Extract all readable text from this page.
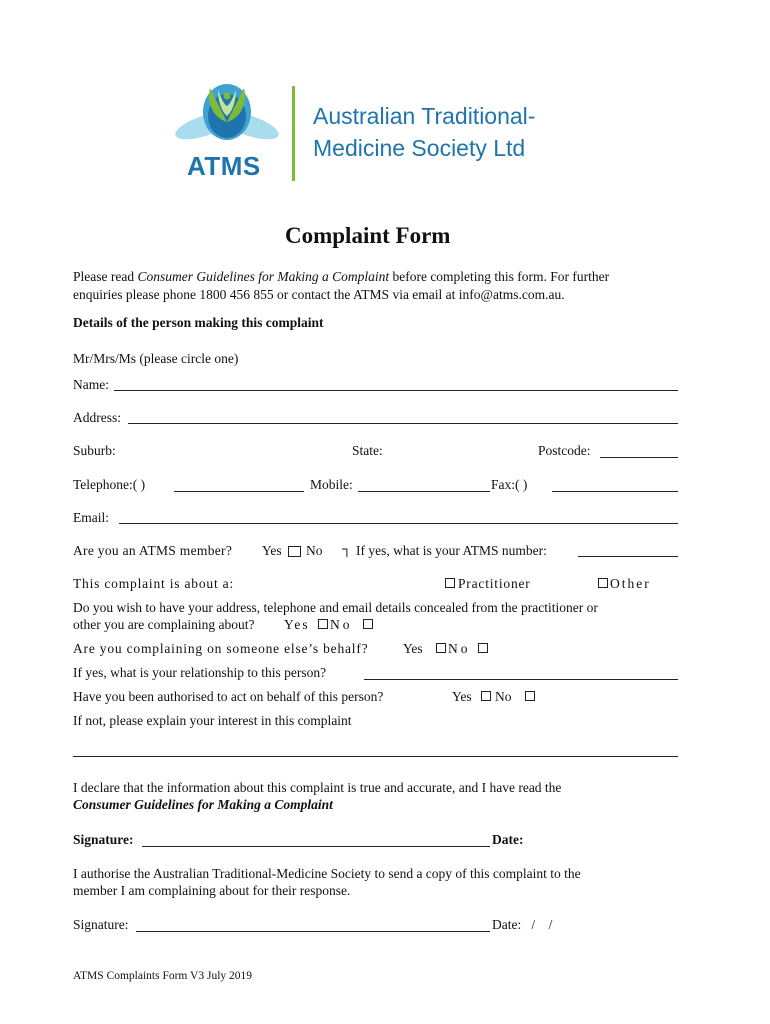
ATMS
Australian Traditional-
Medicine Society Ltd
Complaint Form
Please read Consumer Guidelines for Making a Complaint before completing this form. For further
enquiries please phone 1800 456 855 or contact the ATMS via email at info@atms.com.au.
Details of the person making this complaint
Mr/Mrs/Ms (please circle one)
Name:
Address:
Suburb:	State:	Postcode:
Telephone:( )	Mobile:	Fax:( )
Email:
Are you an ATMS member? Yes No ┐ If yes, what is your ATMS number:
This complaint is about a:	Practitioner	Other
Do you wish to have your address, telephone and email details concealed from the practitioner or
other you are complaining about? Yes No
Are you complaining on someone else’s behalf?	Yes No
If yes, what is your relationship to this person?
Have you been authorised to act on behalf of this person?	Yes No
If not, please explain your interest in this complaint
I declare that the information about this complaint is true and accurate, and I have read the
Consumer Guidelines for Making a Complaint
Signature:	Date:
I authorise the Australian Traditional-Medicine Society to send a copy of this complaint to the
member I am complaining about for their response.
Signature:	Date:   /    /
ATMS Complaints Form V3 July 2019
